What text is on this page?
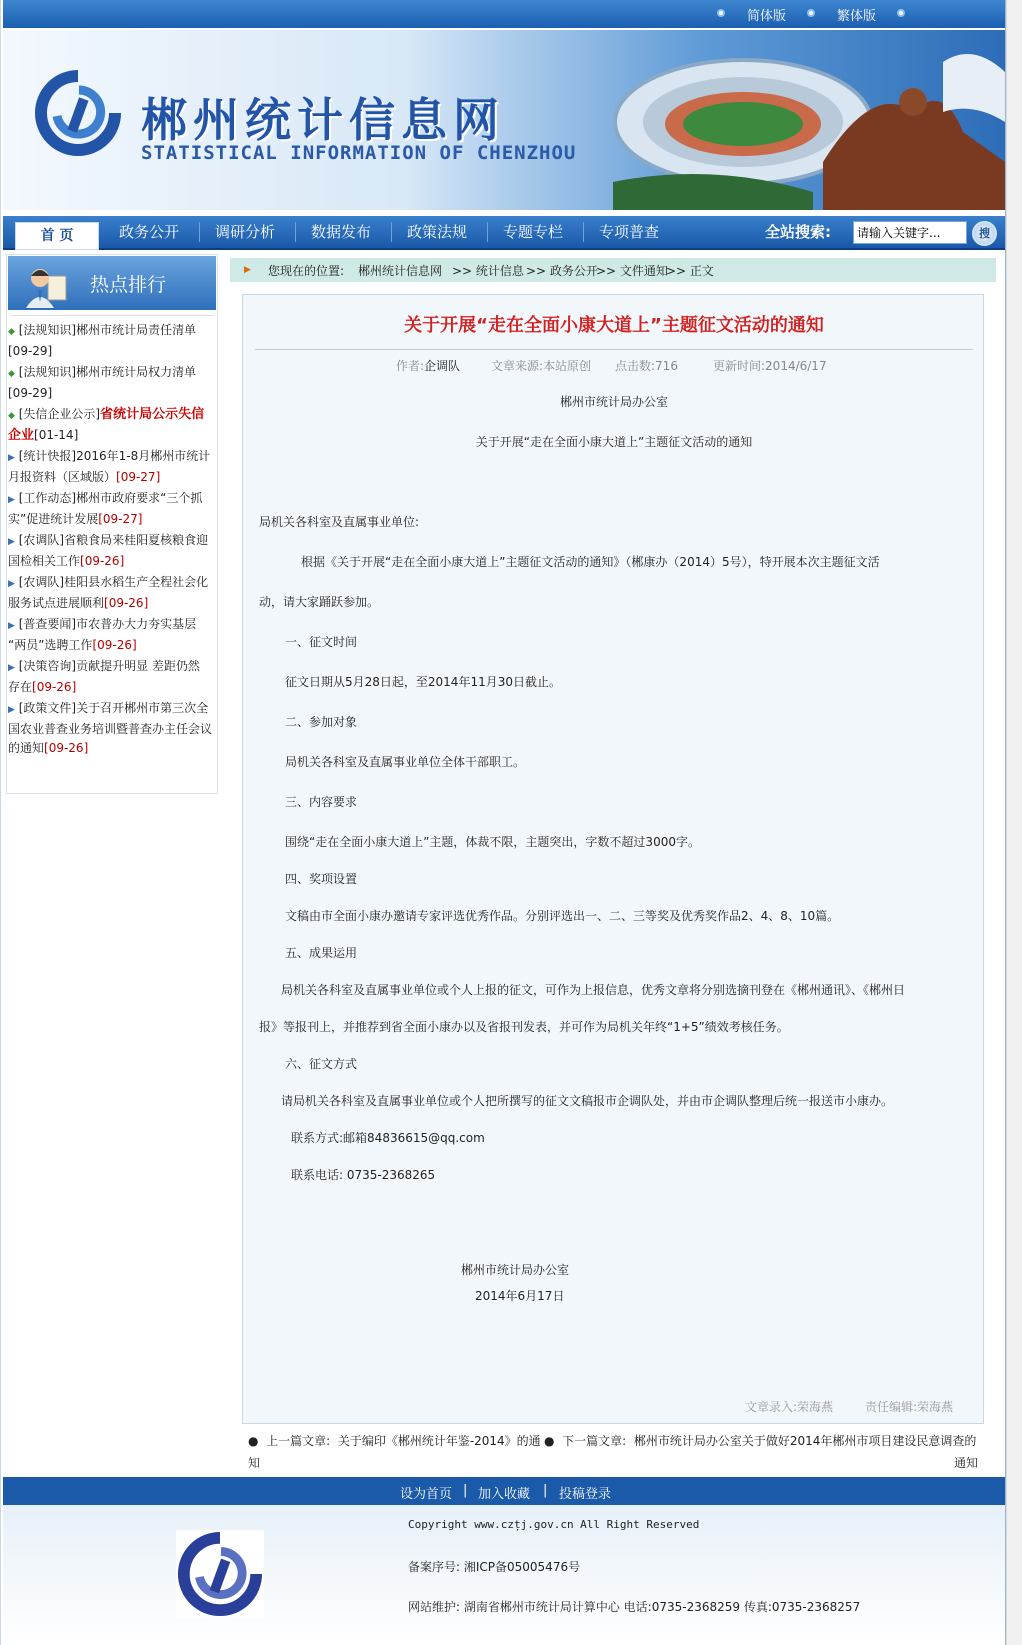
简体版	繁体版
郴州统计信息网
STATISTICAL INFORMATION OF CHENZHOU
首 页	政务公开	调研分析	数据发布	政策法规	专题专栏	专项普查	全站搜索:
请输入关键字...	搜
热点排行
◆ [法规知识]郴州市统计局责任清单
[09-29]
◆ [法规知识]郴州市统计局权力清单
[09-29]
◆ [失信企业公示]省统计局公示失信
企业[01-14]
▶ [统计快报]2016年1-8月郴州市统计
月报资料（区域版）[09-27]
▶ [工作动态]郴州市政府要求“三个抓
实”促进统计发展[09-27]
▶ [农调队]省粮食局来桂阳夏核粮食迎
国检相关工作[09-26]
▶ [农调队]桂阳县水稻生产全程社会化
服务试点进展顺利[09-26]
▶ [普查要闻]市农普办大力夯实基层
“两员”选聘工作[09-26]
▶ [决策咨询]贡献提升明显 差距仍然
存在[09-26]
▶ [政策文件]关于召开郴州市第三次全
国农业普查业务培训暨普查办主任会议
的通知[09-26]
▶ 您现在的位置: 郴州统计信息网 >> 统计信息 >> 政务公开
>> 文件通知
>> 正文
关于开展“走在全面小康大道上”主题征文活动的通知
作者:企调队	文章来源:本站原创 点击数:716	更新时间:2014/6/17
郴州市统计局办公室
关于开展“走在全面小康大道上”主题征文活动的通知
局机关各科室及直属事业单位:
根据《关于开展“走在全面小康大道上”主题征文活动的通知》（郴康办（2014）5号），特开展本次主题征文活
动，请大家踊跃参加。
一、征文时间
征文日期从5月28日起，至2014年11月30日截止。
二、参加对象
局机关各科室及直属事业单位全体干部职工。
三、内容要求
围绕“走在全面小康大道上”主题，体裁不限，主题突出，字数不超过3000字。
四、奖项设置
文稿由市全面小康办邀请专家评选优秀作品。分别评选出一、二、三等奖及优秀奖作品2、4、8、10篇。
五、成果运用
局机关各科室及直属事业单位或个人上报的征文，可作为上报信息，优秀文章将分别选摘刊登在《郴州通讯》、《郴州日
报》等报刊上，并推荐到省全面小康办以及省报刊发表，并可作为局机关年终“1+5”绩效考核任务。
六、征文方式
请局机关各科室及直属事业单位或个人把所撰写的征文文稿报市企调队处，并由市企调队整理后统一报送市小康办。
联系方式:邮箱84836615@qq.com
联系电话: 0735-2368265
郴州市统计局办公室
2014年6月17日
文章录入:荣海燕	责任编辑:荣海燕
● 上一篇文章: 关于编印《郴州统计年鉴-2014》的通 ● 下一篇文章: 郴州市统计局办公室关于做好2014年郴州市项目建设民意调查的
知	通知
设为首页 | 加入收藏 | 投稿登录
Copyright www.czțj.gov.cn All Right Reserved
备案序号: 湘ICP备05005476号
网站维护: 湖南省郴州市统计局计算中心 电话:0735-2368259 传真:0735-2368257
